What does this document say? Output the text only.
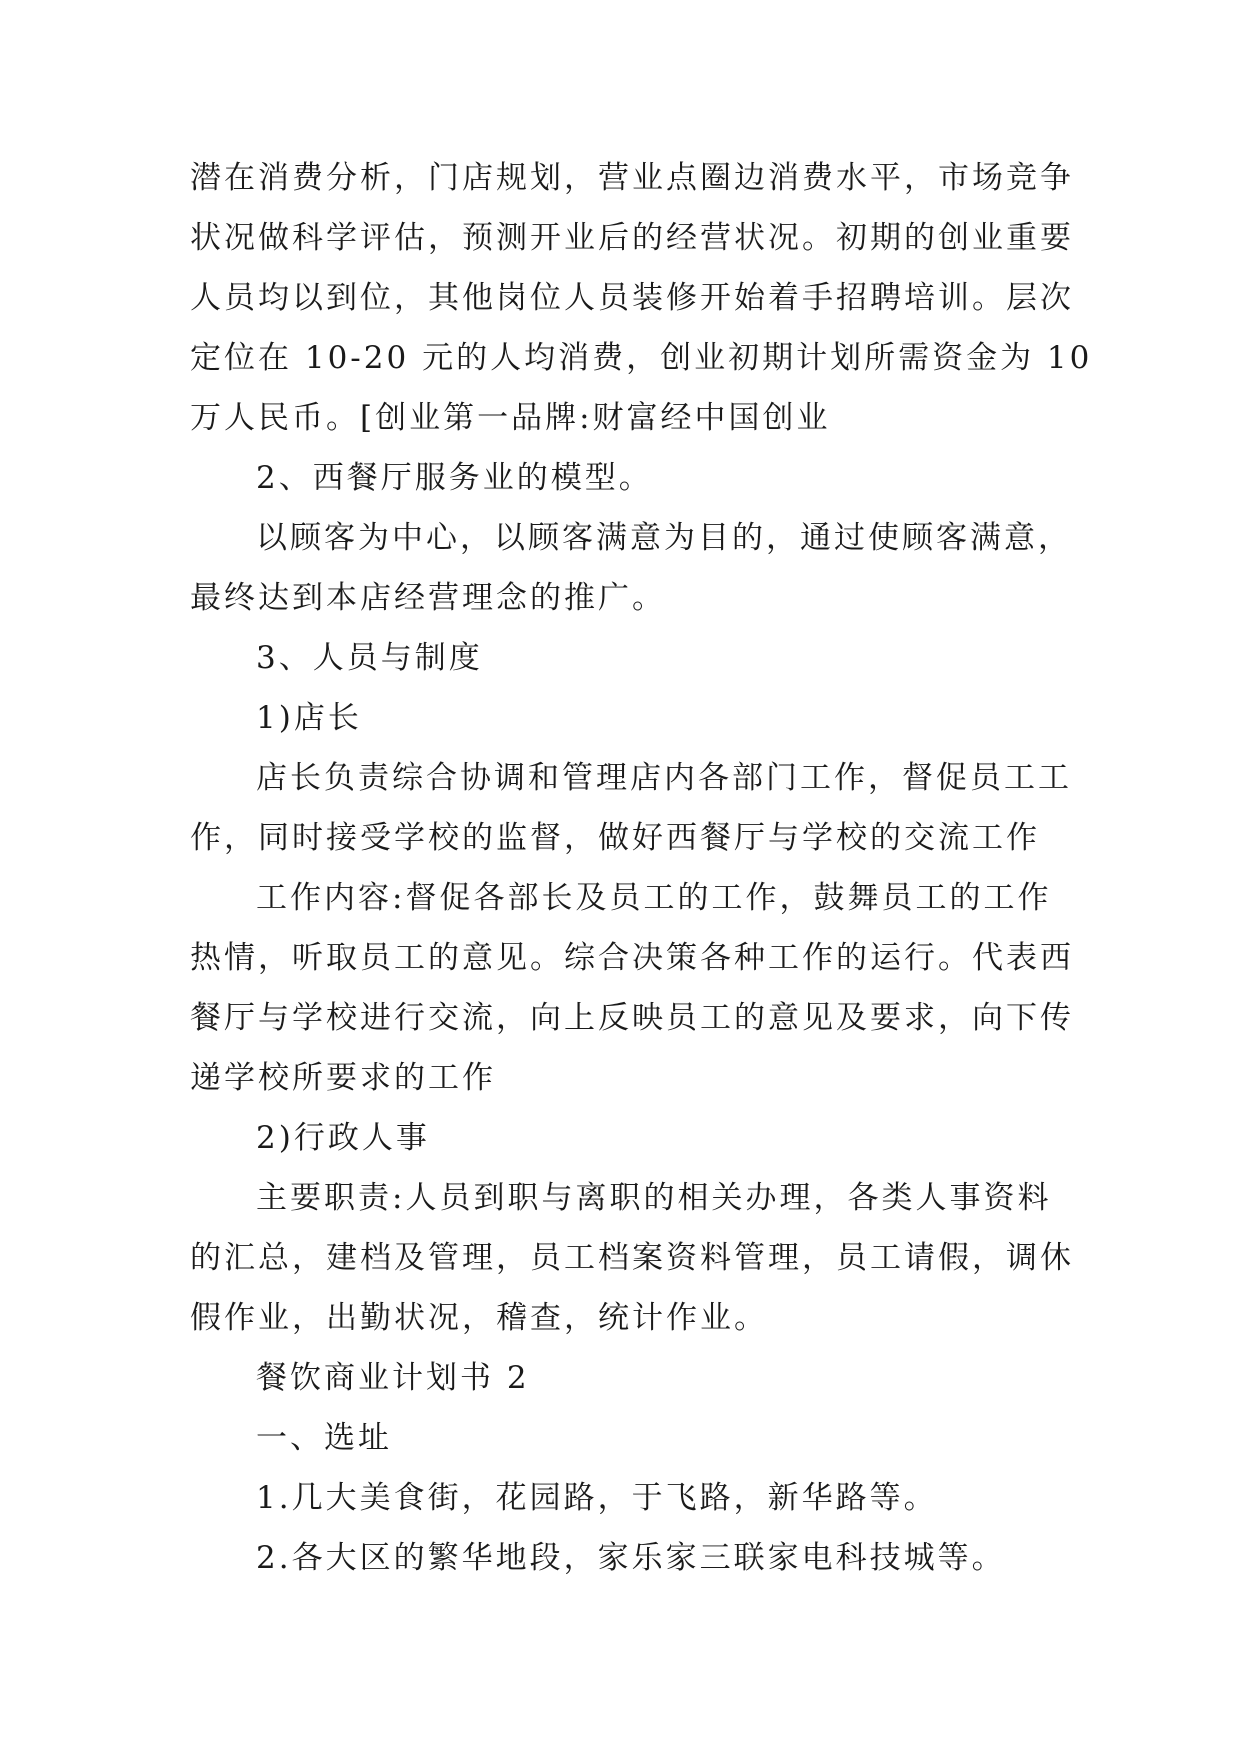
潜在消费分析，门店规划，营业点圈边消费水平，市场竞争
状况做科学评估，预测开业后的经营状况。初期的创业重要
人员均以到位，其他岗位人员装修开始着手招聘培训。层次
定位在 10-20 元的人均消费，创业初期计划所需资金为 10
万人民币。[创业第一品牌:财富经中国创业
2、西餐厅服务业的模型。
以顾客为中心，以顾客满意为目的，通过使顾客满意，
最终达到本店经营理念的推广。
3、人员与制度
1)店长
店长负责综合协调和管理店内各部门工作，督促员工工
作，同时接受学校的监督，做好西餐厅与学校的交流工作
工作内容:督促各部长及员工的工作，鼓舞员工的工作
热情，听取员工的意见。综合决策各种工作的运行。代表西
餐厅与学校进行交流，向上反映员工的意见及要求，向下传
递学校所要求的工作
2)行政人事
主要职责:人员到职与离职的相关办理，各类人事资料
的汇总，建档及管理，员工档案资料管理，员工请假，调休
假作业，出勤状况，稽查，统计作业。
餐饮商业计划书 2
一、选址
1.几大美食街，花园路，于飞路，新华路等。
2.各大区的繁华地段，家乐家三联家电科技城等。
